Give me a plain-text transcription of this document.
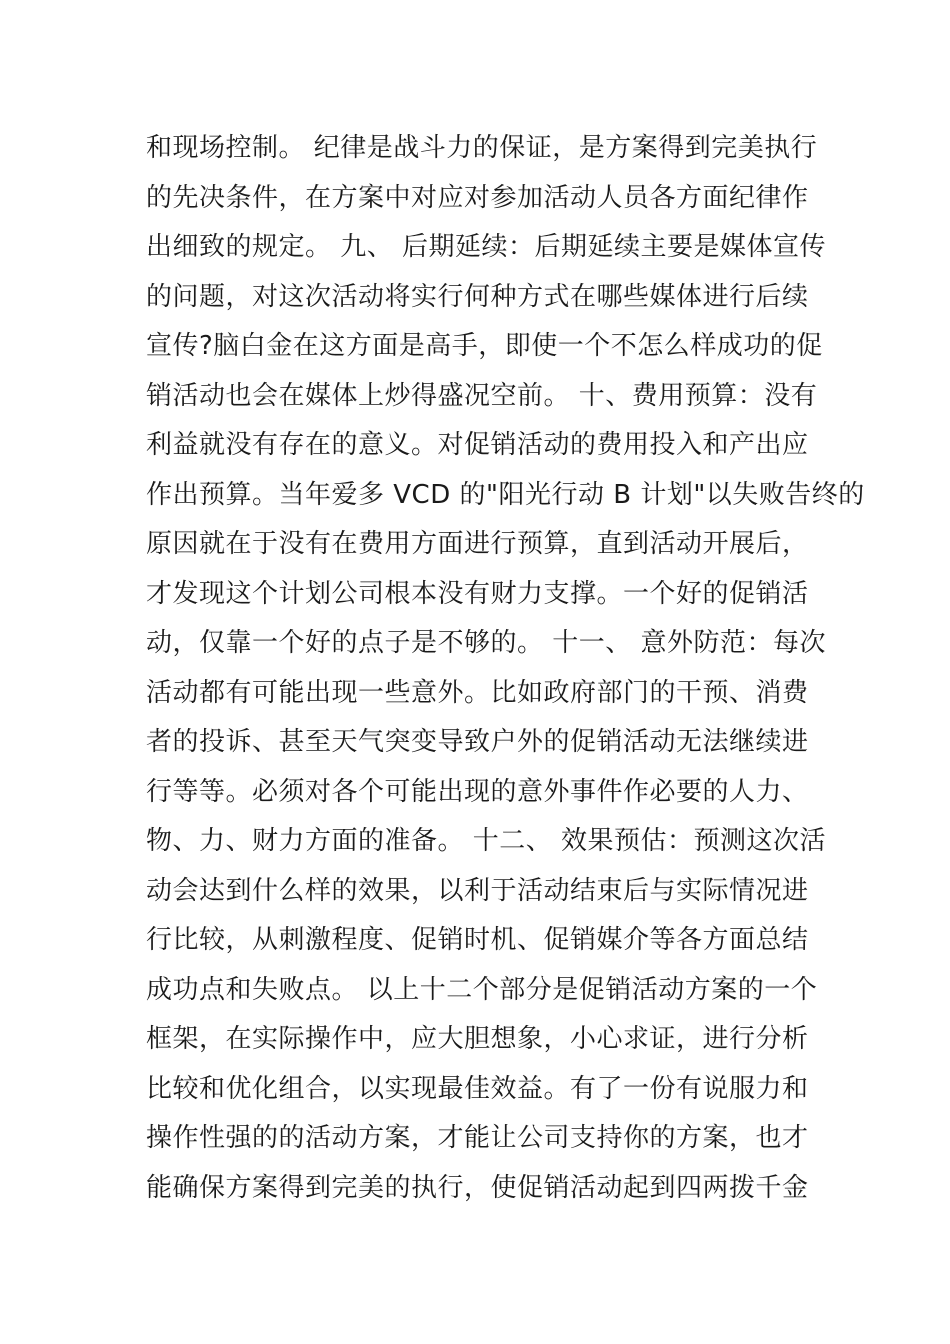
和现场控制。 纪律是战斗力的保证，是方案得到完美执行
的先决条件，在方案中对应对参加活动人员各方面纪律作
出细致的规定。 九、 后期延续：后期延续主要是媒体宣传
的问题，对这次活动将实行何种方式在哪些媒体进行后续
宣传?脑白金在这方面是高手，即使一个不怎么样成功的促
销活动也会在媒体上炒得盛况空前。 十、费用预算：没有
利益就没有存在的意义。对促销活动的费用投入和产出应
作出预算。当年爱多 VCD 的"阳光行动 B 计划"以失败告终的
原因就在于没有在费用方面进行预算，直到活动开展后，
才发现这个计划公司根本没有财力支撑。一个好的促销活
动，仅靠一个好的点子是不够的。 十一、 意外防范：每次
活动都有可能出现一些意外。比如政府部门的干预、消费
者的投诉、甚至天气突变导致户外的促销活动无法继续进
行等等。必须对各个可能出现的意外事件作必要的人力、
物、力、财力方面的准备。 十二、 效果预估：预测这次活
动会达到什么样的效果，以利于活动结束后与实际情况进
行比较，从刺激程度、促销时机、促销媒介等各方面总结
成功点和失败点。 以上十二个部分是促销活动方案的一个
框架，在实际操作中，应大胆想象，小心求证，进行分析
比较和优化组合，以实现最佳效益。有了一份有说服力和
操作性强的的活动方案，才能让公司支持你的方案，也才
能确保方案得到完美的执行，使促销活动起到四两拨千金
